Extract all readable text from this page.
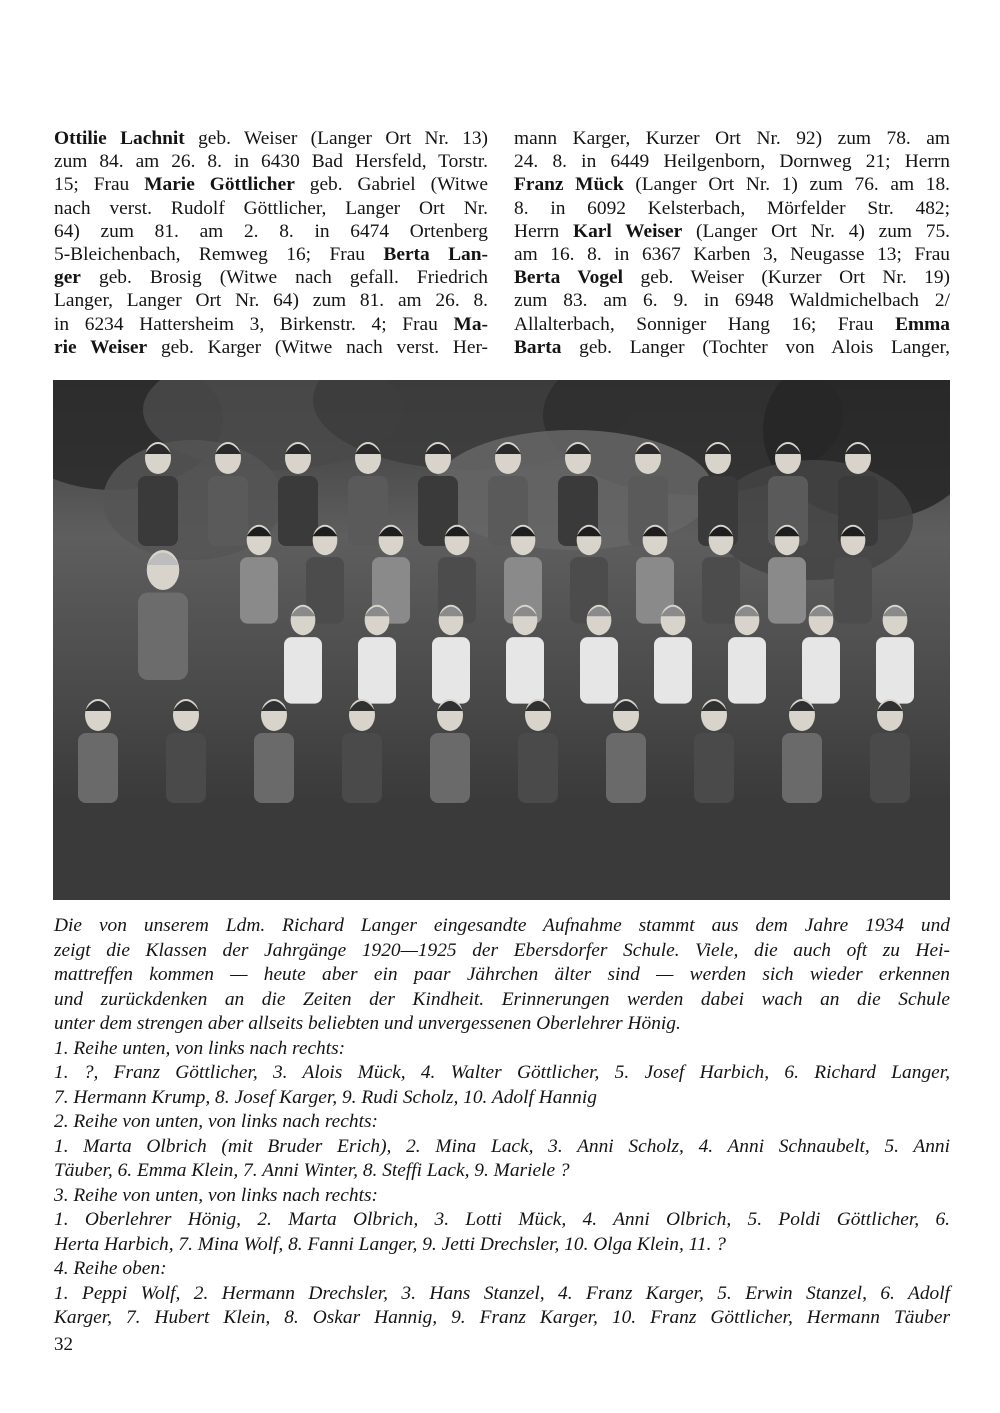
Ottilie Lachnit geb. Weiser (Langer Ort Nr. 13)
zum 84. am 26. 8. in 6430 Bad Hersfeld, Torstr.
15; Frau Marie Göttlicher geb. Gabriel (Witwe
nach verst. Rudolf Göttlicher, Langer Ort Nr.
64) zum 81. am 2. 8. in 6474 Ortenberg
5-Bleichenbach, Remweg 16; Frau Berta Lan-
ger geb. Brosig (Witwe nach gefall. Friedrich
Langer, Langer Ort Nr. 64) zum 81. am 26. 8.
in 6234 Hattersheim 3, Birkenstr. 4; Frau Ma-
rie Weiser geb. Karger (Witwe nach verst. Her-
mann Karger, Kurzer Ort Nr. 92) zum 78. am
24. 8. in 6449 Heilgenborn, Dornweg 21; Herrn
Franz Mück (Langer Ort Nr. 1) zum 76. am 18.
8. in 6092 Kelsterbach, Mörfelder Str. 482;
Herrn Karl Weiser (Langer Ort Nr. 4) zum 75.
am 16. 8. in 6367 Karben 3, Neugasse 13; Frau
Berta Vogel geb. Weiser (Kurzer Ort Nr. 19)
zum 83. am 6. 9. in 6948 Waldmichelbach 2/
Allalterbach, Sonniger Hang 16; Frau Emma
Barta geb. Langer (Tochter von Alois Langer,
Die von unserem Ldm. Richard Langer eingesandte Aufnahme stammt aus dem Jahre 1934 und
zeigt die Klassen der Jahrgänge 1920—1925 der Ebersdorfer Schule. Viele, die auch oft zu Hei-
mattreffen kommen — heute aber ein paar Jährchen älter sind — werden sich wieder erkennen
und zurückdenken an die Zeiten der Kindheit. Erinnerungen werden dabei wach an die Schule
unter dem strengen aber allseits beliebten und unvergessenen Oberlehrer Hönig.
1. Reihe unten, von links nach rechts:
1. ?, Franz Göttlicher, 3. Alois Mück, 4. Walter Göttlicher, 5. Josef Harbich, 6. Richard Langer,
7. Hermann Krump, 8. Josef Karger, 9. Rudi Scholz, 10. Adolf Hannig
2. Reihe von unten, von links nach rechts:
1. Marta Olbrich (mit Bruder Erich), 2. Mina Lack, 3. Anni Scholz, 4. Anni Schnaubelt, 5. Anni
Täuber, 6. Emma Klein, 7. Anni Winter, 8. Steffi Lack, 9. Mariele ?
3. Reihe von unten, von links nach rechts:
1. Oberlehrer Hönig, 2. Marta Olbrich, 3. Lotti Mück, 4. Anni Olbrich, 5. Poldi Göttlicher, 6.
Herta Harbich, 7. Mina Wolf, 8. Fanni Langer, 9. Jetti Drechsler, 10. Olga Klein, 11. ?
4. Reihe oben:
1. Peppi Wolf, 2. Hermann Drechsler, 3. Hans Stanzel, 4. Franz Karger, 5. Erwin Stanzel, 6. Adolf
Karger, 7. Hubert Klein, 8. Oskar Hannig, 9. Franz Karger, 10. Franz Göttlicher, Hermann Täuber
32
